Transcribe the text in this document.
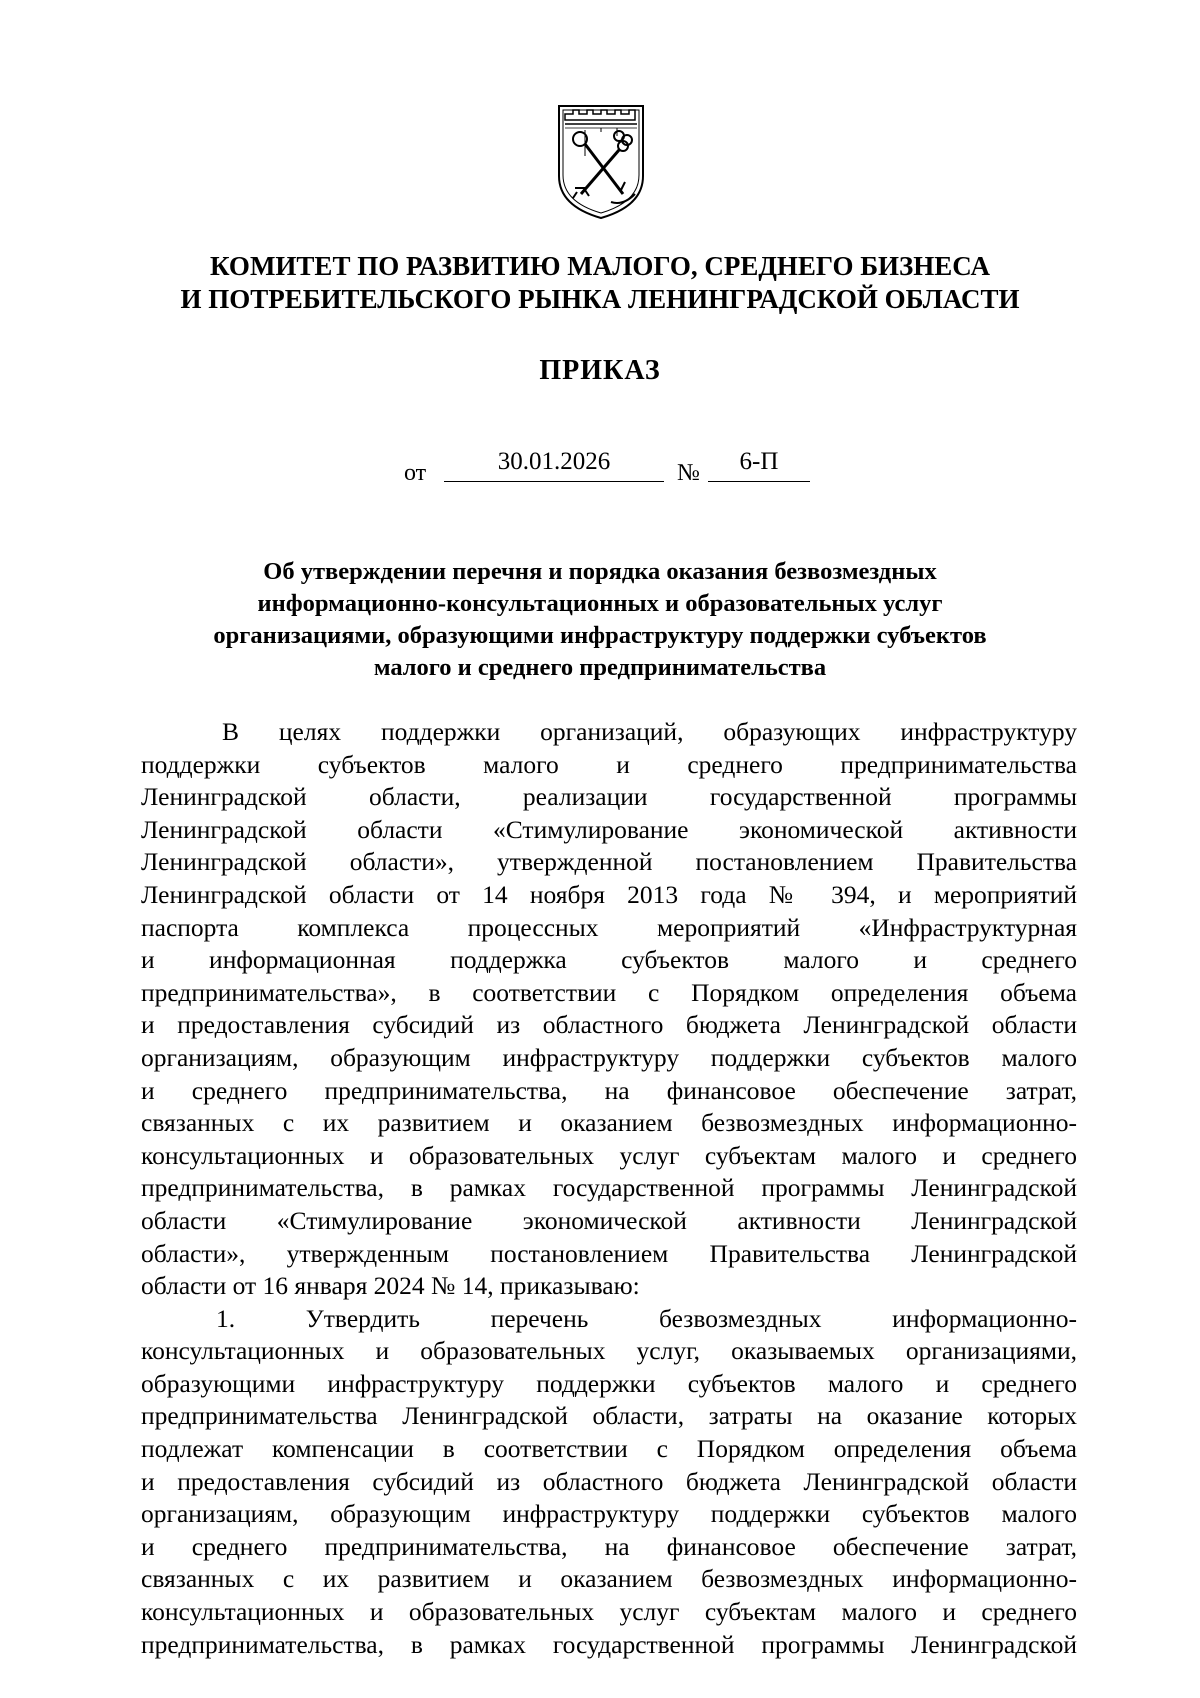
КОМИТЕТ ПО РАЗВИТИЮ МАЛОГО, СРЕДНЕГО БИЗНЕСА
И ПОТРЕБИТЕЛЬСКОГО РЫНКА ЛЕНИНГРАДСКОЙ ОБЛАСТИ
ПРИКАЗ
от	30.01.2026	№	6-П
Об утверждении перечня и порядка оказания безвозмездных
информационно-консультационных и образовательных услуг
организациями, образующими инфраструктуру поддержки субъектов
малого и среднего предпринимательства
В целях поддержки организаций, образующих инфраструктуру
поддержки субъектов малого и среднего предпринимательства
Ленинградской области, реализации государственной программы
Ленинградской области «Стимулирование экономической активности
Ленинградской области», утвержденной постановлением Правительства
Ленинградской области от 14 ноября 2013 года № 394, и мероприятий
паспорта комплекса процессных мероприятий «Инфраструктурная
и информационная поддержка субъектов малого и среднего
предпринимательства», в соответствии с Порядком определения объема
и предоставления субсидий из областного бюджета Ленинградской области
организациям, образующим инфраструктуру поддержки субъектов малого
и среднего предпринимательства, на финансовое обеспечение затрат,
связанных с их развитием и оказанием безвозмездных информационно-
консультационных и образовательных услуг субъектам малого и среднего
предпринимательства, в рамках государственной программы Ленинградской
области «Стимулирование экономической активности Ленинградской
области», утвержденным постановлением Правительства Ленинградской
области от 16 января 2024 № 14, приказываю:
1.	Утвердить	перечень	безвозмездных	информационно-
консультационных и образовательных услуг, оказываемых организациями,
образующими инфраструктуру поддержки субъектов малого и среднего
предпринимательства Ленинградской области, затраты на оказание которых
подлежат компенсации в соответствии с Порядком определения объема
и предоставления субсидий из областного бюджета Ленинградской области
организациям, образующим инфраструктуру поддержки субъектов малого
и среднего предпринимательства, на финансовое обеспечение затрат,
связанных с их развитием и оказанием безвозмездных информационно-
консультационных и образовательных услуг субъектам малого и среднего
предпринимательства, в рамках государственной программы Ленинградской
